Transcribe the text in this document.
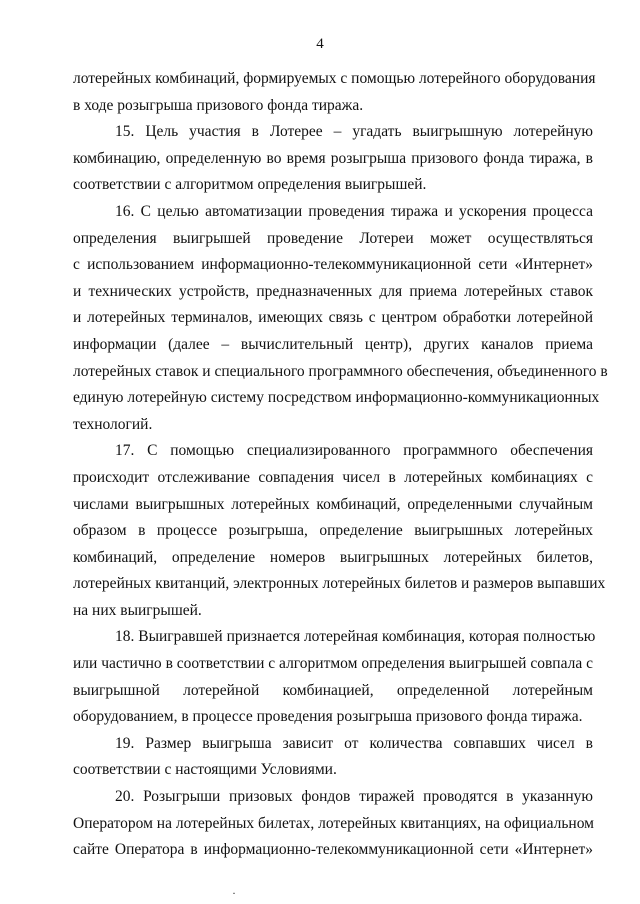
4

лотерейных комбинаций, формируемых с помощью лотерейного оборудования
в ходе розыгрыша призового фонда тиража.

15. Цель участия в Лотерее – угадать выигрышную лотерейную
комбинацию, определенную во время розыгрыша призового фонда тиража, в
соответствии с алгоритмом определения выигрышей.

16. С целью автоматизации проведения тиража и ускорения процесса
определения выигрышей проведение Лотереи может осуществляться
с использованием информационно-телекоммуникационной сети «Интернет»
и технических устройств, предназначенных для приема лотерейных ставок
и лотерейных терминалов, имеющих связь с центром обработки лотерейной
информации (далее – вычислительный центр), других каналов приема
лотерейных ставок и специального программного обеспечения, объединенного в
единую лотерейную систему посредством информационно-коммуникационных
технологий.

17. С помощью специализированного программного обеспечения
происходит отслеживание совпадения чисел в лотерейных комбинациях с
числами выигрышных лотерейных комбинаций, определенными случайным
образом в процессе розыгрыша, определение выигрышных лотерейных
комбинаций, определение номеров выигрышных лотерейных билетов,
лотерейных квитанций, электронных лотерейных билетов и размеров выпавших
на них выигрышей.

18. Выигравшей признается лотерейная комбинация, которая полностью
или частично в соответствии с алгоритмом определения выигрышей совпала с
выигрышной лотерейной комбинацией, определенной лотерейным
оборудованием, в процессе проведения розыгрыша призового фонда тиража.

19. Размер выигрыша зависит от количества совпавших чисел в
соответствии с настоящими Условиями.

20. Розыгрыши призовых фондов тиражей проводятся в указанную
Оператором на лотерейных билетах, лотерейных квитанциях, на официальном
сайте Оператора в информационно-телекоммуникационной сети «Интернет»

·
